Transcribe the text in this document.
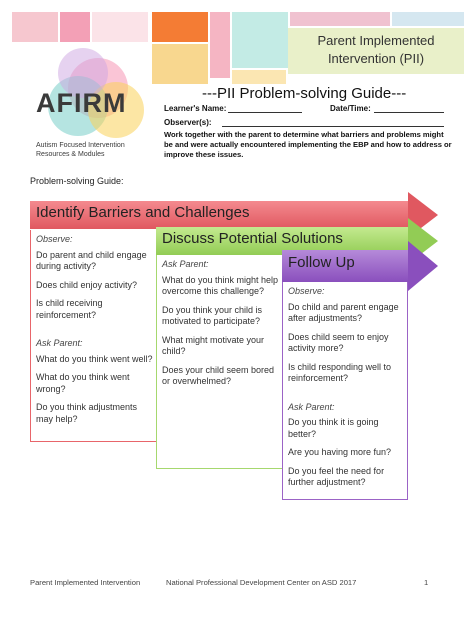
Parent Implemented
Intervention (PII)
AFIRM
Autism Focused Intervention
Resources & Modules
---PII Problem-solving Guide---
Learner's Name:	Date/Time:
Observer(s):
Work together with the parent to determine what barriers and problems might be and were actually encountered implementing the EBP and how to address or improve these issues.
Problem-solving Guide:
Identify Barriers and Challenges
Observe:
Do parent and child engage during activity?
Does child enjoy activity?
Is child receiving reinforcement?
Ask Parent:
What do you think went well?
What do you think went wrong?
Do you think adjustments may help?
Discuss Potential Solutions
Ask Parent:
What do you think might help overcome this challenge?
Do you think your child is motivated to participate?
What might motivate your child?
Does your child seem bored or overwhelmed?
Follow Up
Observe:
Do child and parent engage after adjustments?
Does child seem to enjoy activity more?
Is child responding well to reinforcement?
Ask Parent:
Do you think it is going better?
Are you having more fun?
Do you feel the need for further adjustment?
Parent Implemented Intervention	National Professional Development Center on ASD 2017	1
